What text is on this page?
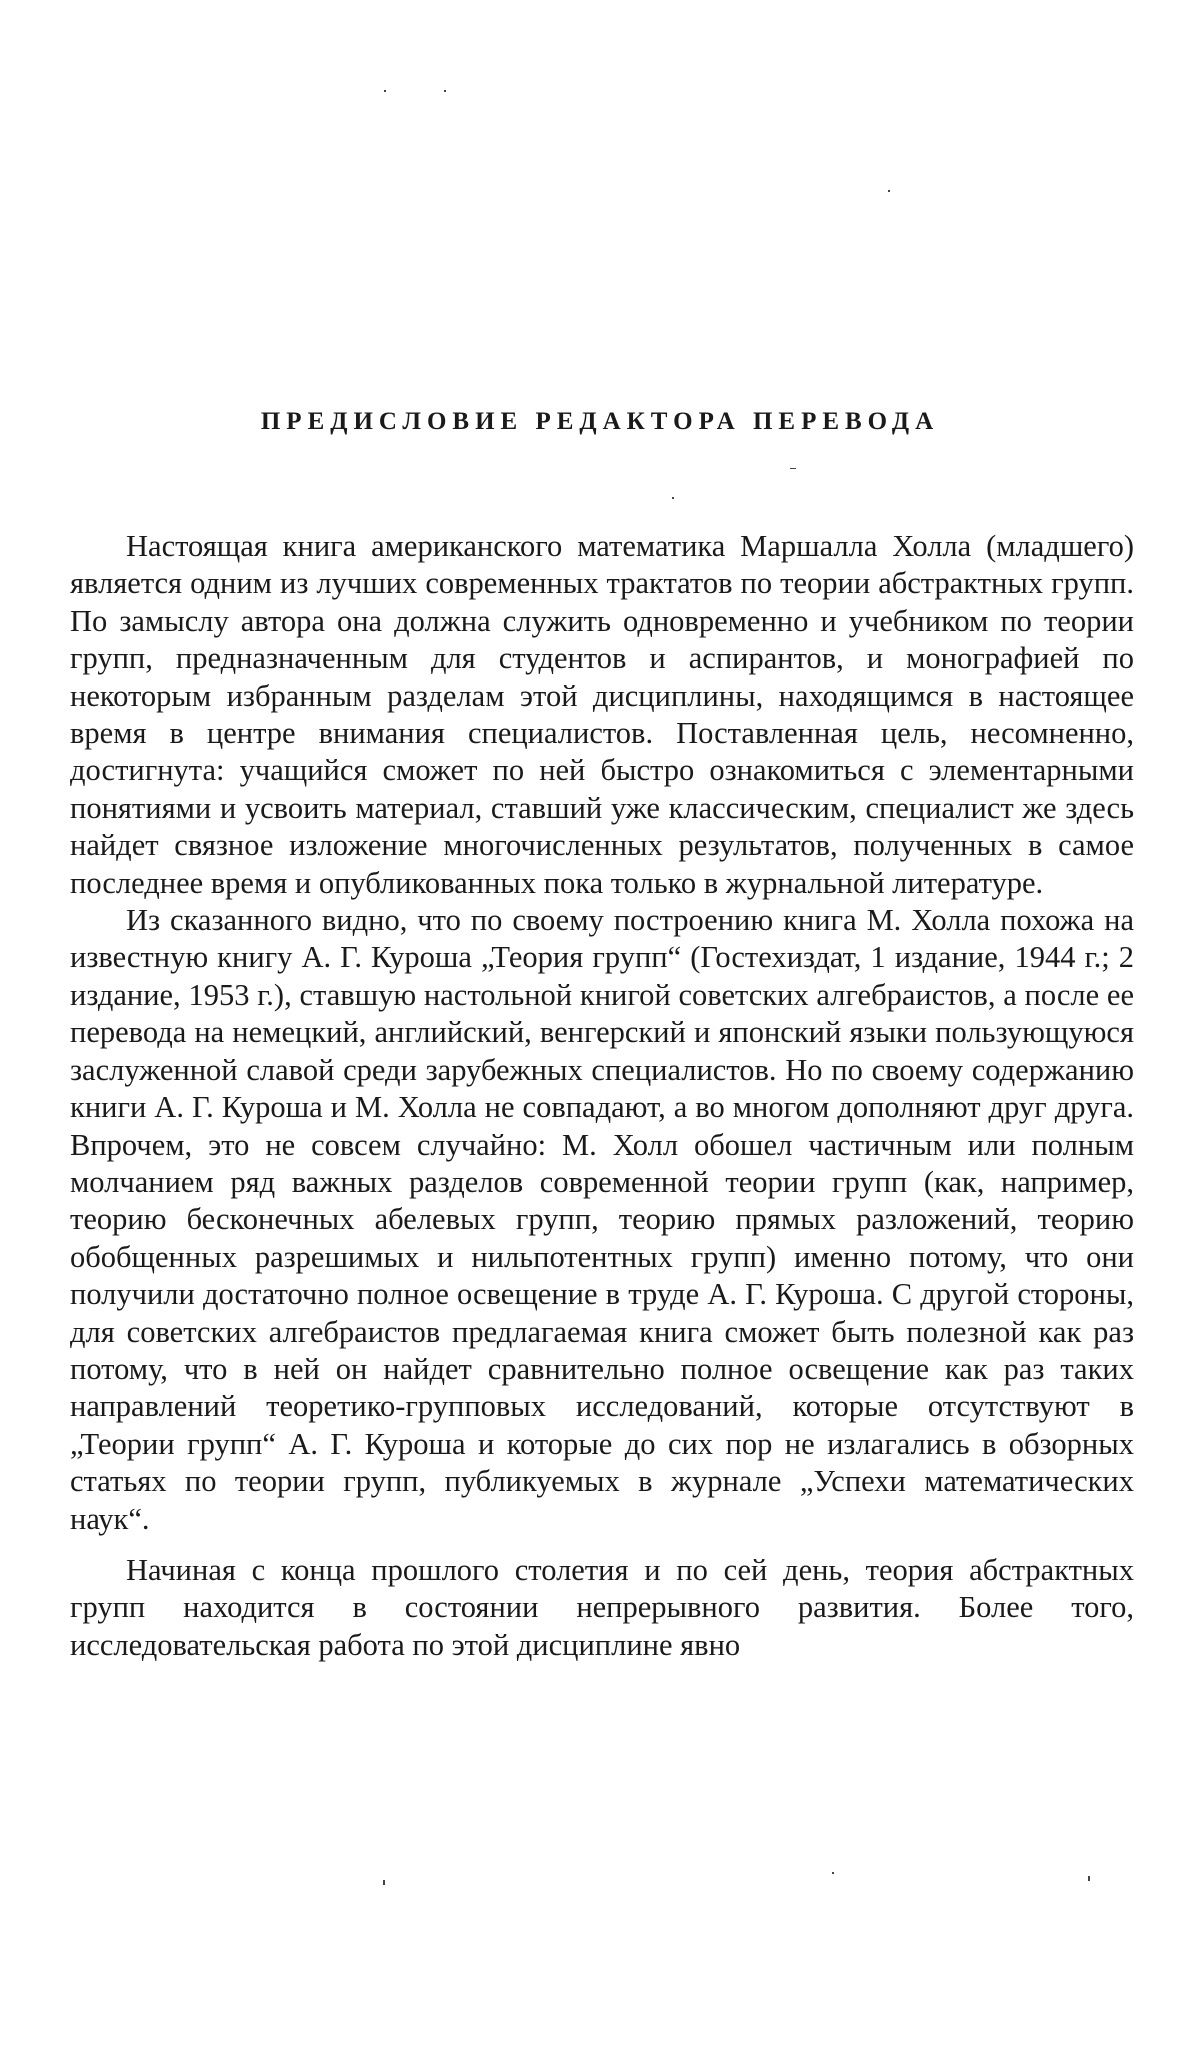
ПРЕДИСЛОВИЕ РЕДАКТОРА ПЕРЕВОДА

Настоящая книга американского математика Маршалла Холла (младшего) является одним из лучших современных трактатов по теории абстрактных групп. По замыслу автора она должна служить одновременно и учебником по теории групп, предназначенным для студентов и аспирантов, и монографией по некоторым избранным разделам этой дисциплины, находящимся в настоящее время в центре внимания специалистов. Поставленная цель, несомненно, достигнута: учащийся сможет по ней быстро ознакомиться с элементарными понятиями и усвоить материал, ставший уже классическим, специалист же здесь найдет связное изложение многочисленных результатов, полученных в самое последнее время и опубликованных пока только в журнальной литературе.

Из сказанного видно, что по своему построению книга М. Холла похожа на известную книгу А. Г. Куроша „Теория групп“ (Гостехиздат, 1 издание, 1944 г.; 2 издание, 1953 г.), ставшую настольной книгой советских алгебраистов, а после ее перевода на немецкий, английский, венгерский и японский языки пользующуюся заслуженной славой среди зарубежных специалистов. Но по своему содержанию книги А. Г. Куроша и М. Холла не совпадают, а во многом дополняют друг друга. Впрочем, это не совсем случайно: М. Холл обошел частичным или полным молчанием ряд важных разделов современной теории групп (как, например, теорию бесконечных абелевых групп, теорию прямых разложений, теорию обобщенных разрешимых и нильпотентных групп) именно потому, что они получили достаточно полное освещение в труде А. Г. Куроша. С другой стороны, для советских алгебраистов предлагаемая книга сможет быть полезной как раз потому, что в ней он найдет сравнительно полное освещение как раз таких направлений теоретико-групповых исследований, которые отсутствуют в „Теории групп“ А. Г. Куроша и которые до сих пор не излагались в обзорных статьях по теории групп, публикуемых в журнале „Успехи математических наук“.

Начиная с конца прошлого столетия и по сей день, теория абстрактных групп находится в состоянии непрерывного развития. Более того, исследовательская работа по этой дисциплине явно
